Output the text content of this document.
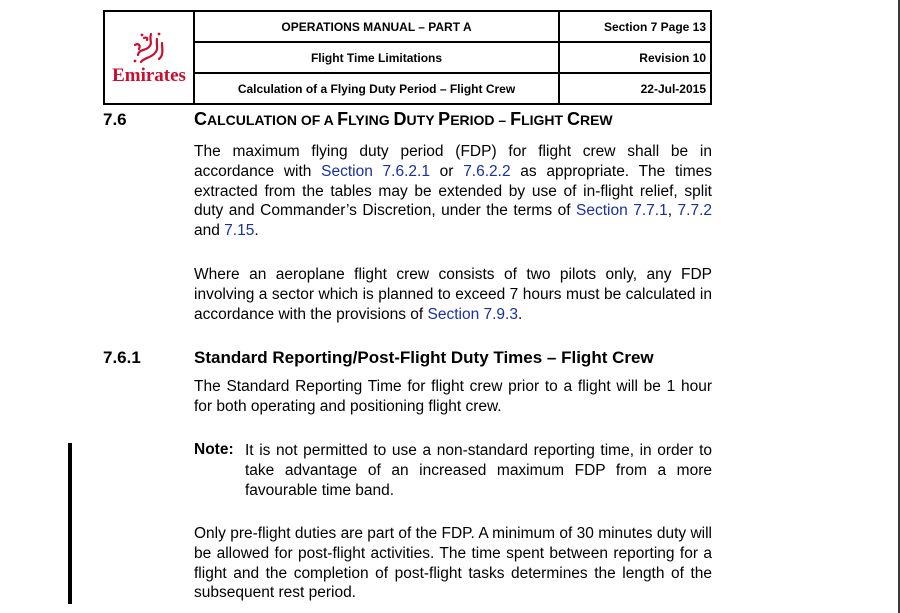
Emirates	OPERATIONS MANUAL – PART A	Section 7 Page 13
	Flight Time Limitations	Revision 10
	Calculation of a Flying Duty Period – Flight Crew	22-Jul-2015
7.6	CALCULATION OF A FLYING DUTY PERIOD – FLIGHT CREW

The maximum flying duty period (FDP) for flight crew shall be in accordance with Section 7.6.2.1 or 7.6.2.2 as appropriate. The times extracted from the tables may be extended by use of in-flight relief, split duty and Commander’s Discretion, under the terms of Section 7.7.1, 7.7.2 and 7.15.

Where an aeroplane flight crew consists of two pilots only, any FDP involving a sector which is planned to exceed 7 hours must be calculated in accordance with the provisions of Section 7.9.3.

7.6.1	Standard Reporting/Post-Flight Duty Times – Flight Crew

The Standard Reporting Time for flight crew prior to a flight will be 1 hour for both operating and positioning flight crew.

Note: It is not permitted to use a non-standard reporting time, in order to take advantage of an increased maximum FDP from a more favourable time band.

Only pre-flight duties are part of the FDP. A minimum of 30 minutes duty will be allowed for post-flight activities. The time spent between reporting for a flight and the completion of post-flight tasks determines the length of the subsequent rest period.
